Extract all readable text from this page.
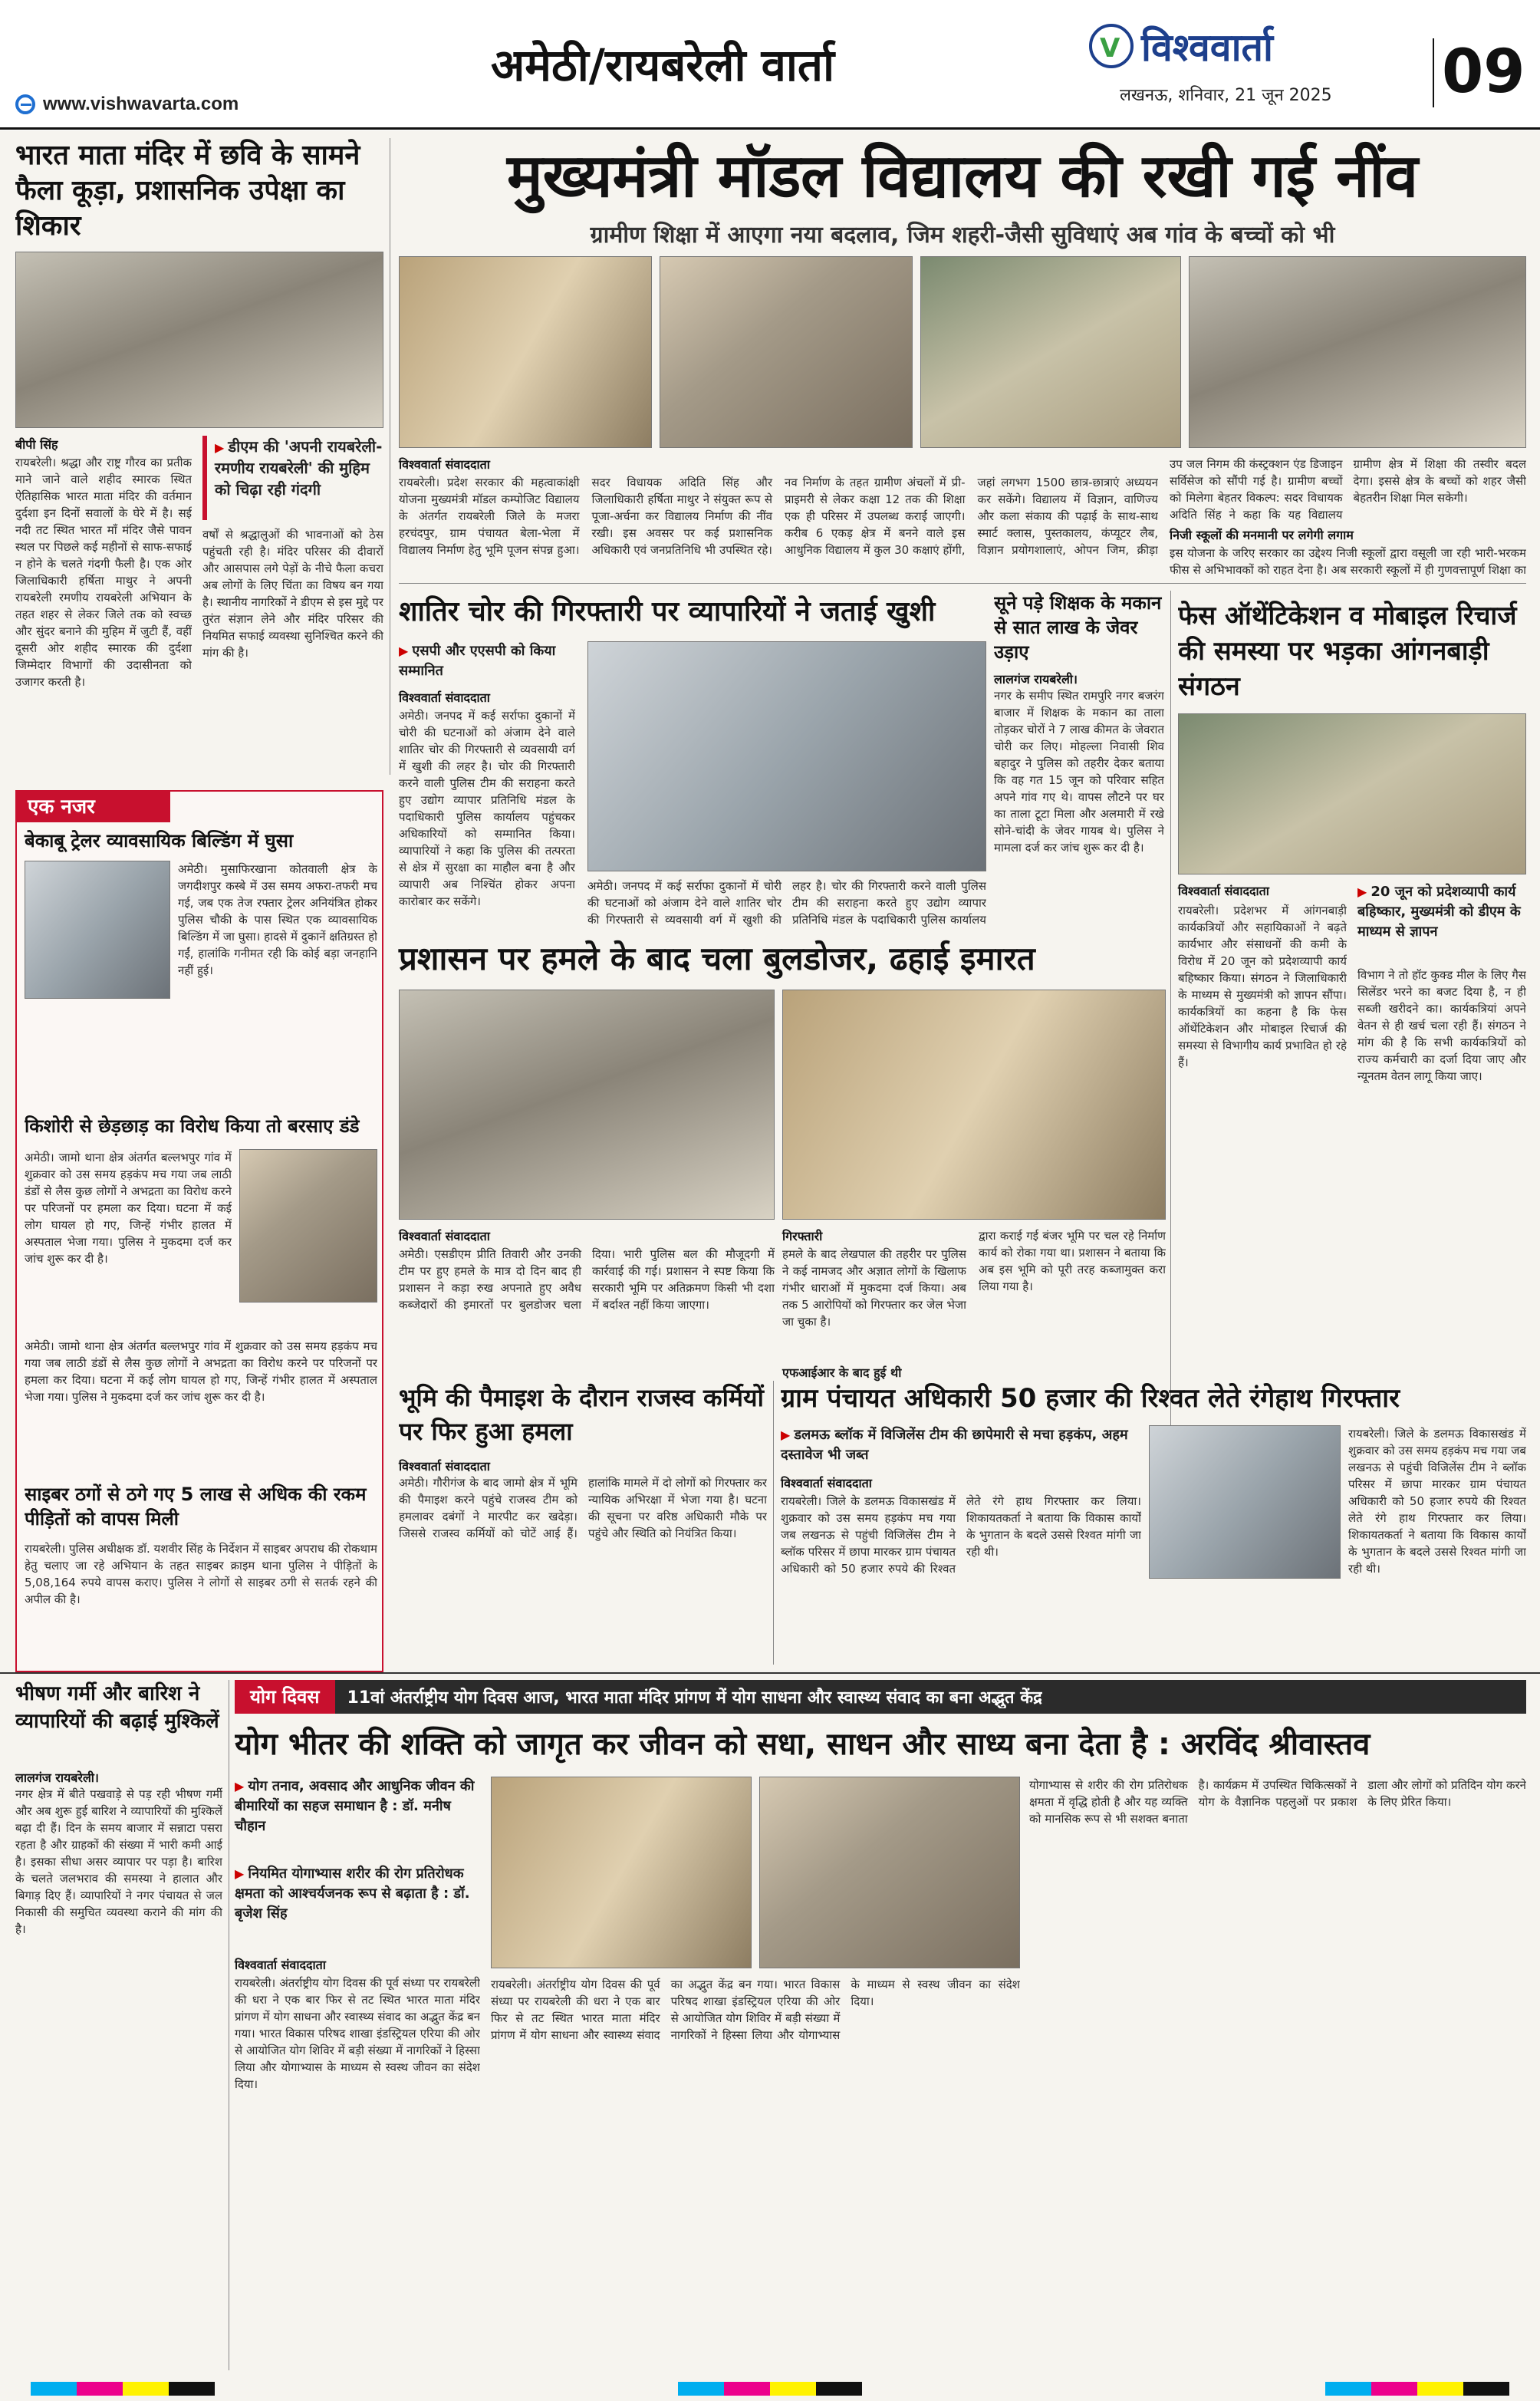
www.vishwavarta.com
अमेठी/रायबरेली वार्ता	V विश्ववार्ता
लखनऊ, शनिवार, 21 जून 2025	09
भारत माता मंदिर में छवि के सामने फैला कूड़ा, प्रशासनिक उपेक्षा का शिकार
बीपी सिंह
रायबरेली। श्रद्धा और राष्ट्र गौरव का प्रतीक माने जाने वाले शहीद स्मारक स्थित ऐतिहासिक भारत माता मंदिर की वर्तमान दुर्दशा इन दिनों सवालों के घेरे में है। सई नदी तट स्थित भारत माँ मंदिर जैसे पावन स्थल पर पिछले कई महीनों से साफ-सफाई न होने के चलते गंदगी फैली है। एक ओर जिलाधिकारी हर्षिता माथुर ने अपनी रायबरेली रमणीय रायबरेली अभियान के तहत शहर से लेकर जिले तक को स्वच्छ और सुंदर बनाने की मुहिम में जुटी हैं, वहीं दूसरी ओर शहीद स्मारक की दुर्दशा जिम्मेदार विभागों की उदासीनता को उजागर करती है।
▶ डीएम की 'अपनी रायबरेली- रमणीय रायबरेली' की मुहिम को चिढ़ा रही गंदगी
वर्षों से श्रद्धालुओं की भावनाओं को ठेस पहुंचती रही है। मंदिर परिसर की दीवारों और आसपास लगे पेड़ों के नीचे फैला कचरा अब लोगों के लिए चिंता का विषय बन गया है। स्थानीय नागरिकों ने डीएम से इस मुद्दे पर तुरंत संज्ञान लेने और मंदिर परिसर की नियमित सफाई व्यवस्था सुनिश्चित करने की मांग की है।
मुख्यमंत्री मॉडल विद्यालय की रखी गई नींव
ग्रामीण शिक्षा में आएगा नया बदलाव, जिम शहरी-जैसी सुविधाएं अब गांव के बच्चों को भी
विश्ववार्ता संवाददाता
रायबरेली। प्रदेश सरकार की महत्वाकांक्षी योजना मुख्यमंत्री मॉडल कम्पोजिट विद्यालय के अंतर्गत रायबरेली जिले के मजरा हरचंदपुर, ग्राम पंचायत बेला-भेला में विद्यालय निर्माण हेतु भूमि पूजन संपन्न हुआ। सदर विधायक अदिति सिंह और जिलाधिकारी हर्षिता माथुर ने संयुक्त रूप से पूजा-अर्चना कर विद्यालय निर्माण की नींव रखी। इस अवसर पर कई प्रशासनिक अधिकारी एवं जनप्रतिनिधि भी उपस्थित रहे। नव निर्माण के तहत ग्रामीण अंचलों में प्री-प्राइमरी से लेकर कक्षा 12 तक की शिक्षा एक ही परिसर में उपलब्ध कराई जाएगी। करीब 6 एकड़ क्षेत्र में बनने वाले इस आधुनिक विद्यालय में कुल 30 कक्षाएं होंगी, जहां लगभग 1500 छात्र-छात्राएं अध्ययन कर सकेंगे। विद्यालय में विज्ञान, वाणिज्य और कला संकाय की पढ़ाई के साथ-साथ स्मार्ट क्लास, पुस्तकालय, कंप्यूटर लैब, विज्ञान प्रयोगशालाएं, ओपन जिम, क्रीड़ा
उप जल निगम की कंस्ट्रक्शन एंड डिजाइन सर्विसेज को सौंपी गई है। ग्रामीण बच्चों को मिलेगा बेहतर विकल्प: सदर विधायक अदिति सिंह ने कहा कि यह विद्यालय ग्रामीण क्षेत्र में शिक्षा की तस्वीर बदल देगा। इससे क्षेत्र के बच्चों को शहर जैसी बेहतरीन शिक्षा मिल सकेगी।
निजी स्कूलों की मनमानी पर लगेगी लगाम
इस योजना के जरिए सरकार का उद्देश्य निजी स्कूलों द्वारा वसूली जा रही भारी-भरकम फीस से अभिभावकों को राहत देना है। अब सरकारी स्कूलों में ही गुणवत्तापूर्ण शिक्षा का
शातिर चोर की गिरफ्तारी पर व्यापारियों ने जताई खुशी
▶ एसपी और एएसपी को किया सम्मानित
विश्ववार्ता संवाददाता
अमेठी। जनपद में कई सर्राफा दुकानों में चोरी की घटनाओं को अंजाम देने वाले शातिर चोर की गिरफ्तारी से व्यवसायी वर्ग में खुशी की लहर है। चोर की गिरफ्तारी करने वाली पुलिस टीम की सराहना करते हुए उद्योग व्यापार प्रतिनिधि मंडल के पदाधिकारी पुलिस कार्यालय पहुंचकर अधिकारियों को सम्मानित किया। व्यापारियों ने कहा कि पुलिस की तत्परता से क्षेत्र में सुरक्षा का माहौल बना है और व्यापारी अब निश्चिंत होकर अपना कारोबार कर सकेंगे।
अमेठी। जनपद में कई सर्राफा दुकानों में चोरी की घटनाओं को अंजाम देने वाले शातिर चोर की गिरफ्तारी से व्यवसायी वर्ग में खुशी की लहर है। चोर की गिरफ्तारी करने वाली पुलिस टीम की सराहना करते हुए उद्योग व्यापार प्रतिनिधि मंडल के पदाधिकारी पुलिस कार्यालय
सूने पड़े शिक्षक के मकान से सात लाख के जेवर उड़ाए
लालगंज रायबरेली।
नगर के समीप स्थित रामपुरि नगर बजरंग बाजार में शिक्षक के मकान का ताला तोड़कर चोरों ने 7 लाख कीमत के जेवरात चोरी कर लिए। मोहल्ला निवासी शिव बहादुर ने पुलिस को तहरीर देकर बताया कि वह गत 15 जून को परिवार सहित अपने गांव गए थे। वापस लौटने पर घर का ताला टूटा मिला और अलमारी में रखे सोने-चांदी के जेवर गायब थे। पुलिस ने मामला दर्ज कर जांच शुरू कर दी है।
फेस ऑथेंटिकेशन व मोबाइल रिचार्ज की समस्या पर भड़का आंगनबाड़ी संगठन
विश्ववार्ता संवाददाता	▶ 20 जून को प्रदेशव्यापी कार्य बहिष्कार, मुख्यमंत्री को डीएम के माध्यम से ज्ञापन
रायबरेली। प्रदेशभर में आंगनबाड़ी कार्यकत्रियों और सहायिकाओं ने बढ़ते कार्यभार और संसाधनों की कमी के विरोध में 20 जून को प्रदेशव्यापी कार्य बहिष्कार किया। संगठन ने जिलाधिकारी के माध्यम से मुख्यमंत्री को ज्ञापन सौंपा। कार्यकत्रियों का कहना है कि फेस ऑथेंटिकेशन और मोबाइल रिचार्ज की समस्या से विभागीय कार्य प्रभावित हो रहे हैं।
विभाग ने तो हॉट कुक्ड मील के लिए गैस सिलेंडर भरने का बजट दिया है, न ही सब्जी खरीदने का। कार्यकत्रियां अपने वेतन से ही खर्च चला रही हैं। संगठन ने मांग की है कि सभी कार्यकत्रियों को राज्य कर्मचारी का दर्जा दिया जाए और न्यूनतम वेतन लागू किया जाए।
एक नजर
बेकाबू ट्रेलर व्यावसायिक बिल्डिंग में घुसा
अमेठी। मुसाफिरखाना कोतवाली क्षेत्र के जगदीशपुर कस्बे में उस समय अफरा-तफरी मच गई, जब एक तेज रफ्तार ट्रेलर अनियंत्रित होकर पुलिस चौकी के पास स्थित एक व्यावसायिक बिल्डिंग में जा घुसा। हादसे में दुकानें क्षतिग्रस्त हो गईं, हालांकि गनीमत रही कि कोई बड़ा जनहानि नहीं हुई।
किशोरी से छेड़छाड़ का विरोध किया तो बरसाए डंडे
अमेठी। जामो थाना क्षेत्र अंतर्गत बल्लभपुर गांव में शुक्रवार को उस समय हड़कंप मच गया जब लाठी डंडों से लैस कुछ लोगों ने अभद्रता का विरोध करने पर परिजनों पर हमला कर दिया। घटना में कई लोग घायल हो गए, जिन्हें गंभीर हालत में अस्पताल भेजा गया। पुलिस ने मुकदमा दर्ज कर जांच शुरू कर दी है।
अमेठी। जामो थाना क्षेत्र अंतर्गत बल्लभपुर गांव में शुक्रवार को उस समय हड़कंप मच गया जब लाठी डंडों से लैस कुछ लोगों ने अभद्रता का विरोध करने पर परिजनों पर हमला कर दिया। घटना में कई लोग घायल हो गए, जिन्हें गंभीर हालत में अस्पताल भेजा गया। पुलिस ने मुकदमा दर्ज कर जांच शुरू कर दी है।
साइबर ठगों से ठगे गए 5 लाख से अधिक की रकम पीड़ितों को वापस मिली
रायबरेली। पुलिस अधीक्षक डॉ. यशवीर सिंह के निर्देशन में साइबर अपराध की रोकथाम हेतु चलाए जा रहे अभियान के तहत साइबर क्राइम थाना पुलिस ने पीड़ितों के 5,08,164 रुपये वापस कराए। पुलिस ने लोगों से साइबर ठगी से सतर्क रहने की अपील की है।
प्रशासन पर हमले के बाद चला बुलडोजर, ढहाई इमारत
विश्ववार्ता संवाददाता
अमेठी। एसडीएम प्रीति तिवारी और उनकी टीम पर हुए हमले के मात्र दो दिन बाद ही प्रशासन ने कड़ा रुख अपनाते हुए अवैध कब्जेदारों की इमारतों पर बुलडोजर चला दिया। भारी पुलिस बल की मौजूदगी में कार्रवाई की गई। प्रशासन ने स्पष्ट किया कि सरकारी भूमि पर अतिक्रमण किसी भी दशा में बर्दाश्त नहीं किया जाएगा।
गिरफ्तारी
हमले के बाद लेखपाल की तहरीर पर पुलिस ने कई नामजद और अज्ञात लोगों के खिलाफ गंभीर धाराओं में मुकदमा दर्ज किया। अब तक 5 आरोपियों को गिरफ्तार कर जेल भेजा जा चुका है।
द्वारा कराई गई बंजर भूमि पर चल रहे निर्माण कार्य को रोका गया था। प्रशासन ने बताया कि अब इस भूमि को पूरी तरह कब्जामुक्त करा लिया गया है।
एफआईआर के बाद हुई थी
भूमि की पैमाइश के दौरान राजस्व कर्मियों पर फिर हुआ हमला
विश्ववार्ता संवाददाता
अमेठी। गौरीगंज के बाद जामो क्षेत्र में भूमि की पैमाइश करने पहुंचे राजस्व टीम को हमलावर दबंगों ने मारपीट कर खदेड़ा। जिससे राजस्व कर्मियों को चोटें आई हैं। हालांकि मामले में दो लोगों को गिरफ्तार कर न्यायिक अभिरक्षा में भेजा गया है। घटना की सूचना पर वरिष्ठ अधिकारी मौके पर पहुंचे और स्थिति को नियंत्रित किया।
ग्राम पंचायत अधिकारी 50 हजार की रिश्वत लेते रंगेहाथ गिरफ्तार
▶ डलमऊ ब्लॉक में विजिलेंस टीम की छापेमारी से मचा हड़कंप, अहम दस्तावेज भी जब्त
विश्ववार्ता संवाददाता
रायबरेली। जिले के डलमऊ विकासखंड में शुक्रवार को उस समय हड़कंप मच गया जब लखनऊ से पहुंची विजिलेंस टीम ने ब्लॉक परिसर में छापा मारकर ग्राम पंचायत अधिकारी को 50 हजार रुपये की रिश्वत लेते रंगे हाथ गिरफ्तार कर लिया। शिकायतकर्ता ने बताया कि विकास कार्यों के भुगतान के बदले उससे रिश्वत मांगी जा रही थी।
रायबरेली। जिले के डलमऊ विकासखंड में शुक्रवार को उस समय हड़कंप मच गया जब लखनऊ से पहुंची विजिलेंस टीम ने ब्लॉक परिसर में छापा मारकर ग्राम पंचायत अधिकारी को 50 हजार रुपये की रिश्वत लेते रंगे हाथ गिरफ्तार कर लिया। शिकायतकर्ता ने बताया कि विकास कार्यों के भुगतान के बदले उससे रिश्वत मांगी जा रही थी।
भीषण गर्मी और बारिश ने व्यापारियों की बढ़ाई मुश्किलें
लालगंज रायबरेली।
नगर क्षेत्र में बीते पखवाड़े से पड़ रही भीषण गर्मी और अब शुरू हुई बारिश ने व्यापारियों की मुश्किलें बढ़ा दी हैं। दिन के समय बाजार में सन्नाटा पसरा रहता है और ग्राहकों की संख्या में भारी कमी आई है। इसका सीधा असर व्यापार पर पड़ा है। बारिश के चलते जलभराव की समस्या ने हालात और बिगाड़ दिए हैं। व्यापारियों ने नगर पंचायत से जल निकासी की समुचित व्यवस्था कराने की मांग की है।
योग दिवस	11वां अंतर्राष्ट्रीय योग दिवस आज, भारत माता मंदिर प्रांगण में योग साधना और स्वास्थ्य संवाद का बना अद्भुत केंद्र
योग भीतर की शक्ति को जागृत कर जीवन को सधा, साधन और साध्य बना देता है : अरविंद श्रीवास्तव
▶ योग तनाव, अवसाद और आधुनिक जीवन की बीमारियों का सहज समाधान है : डॉ. मनीष चौहान
▶ नियमित योगाभ्यास शरीर की रोग प्रतिरोधक क्षमता को आश्चर्यजनक रूप से बढ़ाता है : डॉ. बृजेश सिंह
विश्ववार्ता संवाददाता
रायबरेली। अंतर्राष्ट्रीय योग दिवस की पूर्व संध्या पर रायबरेली की धरा ने एक बार फिर से तट स्थित भारत माता मंदिर प्रांगण में योग साधना और स्वास्थ्य संवाद का अद्भुत केंद्र बन गया। भारत विकास परिषद शाखा इंडस्ट्रियल एरिया की ओर से आयोजित योग शिविर में बड़ी संख्या में नागरिकों ने हिस्सा लिया और योगाभ्यास के माध्यम से स्वस्थ जीवन का संदेश दिया।
रायबरेली। अंतर्राष्ट्रीय योग दिवस की पूर्व संध्या पर रायबरेली की धरा ने एक बार फिर से तट स्थित भारत माता मंदिर प्रांगण में योग साधना और स्वास्थ्य संवाद का अद्भुत केंद्र बन गया। भारत विकास परिषद शाखा इंडस्ट्रियल एरिया की ओर से आयोजित योग शिविर में बड़ी संख्या में नागरिकों ने हिस्सा लिया और योगाभ्यास के माध्यम से स्वस्थ जीवन का संदेश दिया।
योगाभ्यास से शरीर की रोग प्रतिरोधक क्षमता में वृद्धि होती है और यह व्यक्ति को मानसिक रूप से भी सशक्त बनाता है। कार्यक्रम में उपस्थित चिकित्सकों ने योग के वैज्ञानिक पहलुओं पर प्रकाश डाला और लोगों को प्रतिदिन योग करने के लिए प्रेरित किया।
